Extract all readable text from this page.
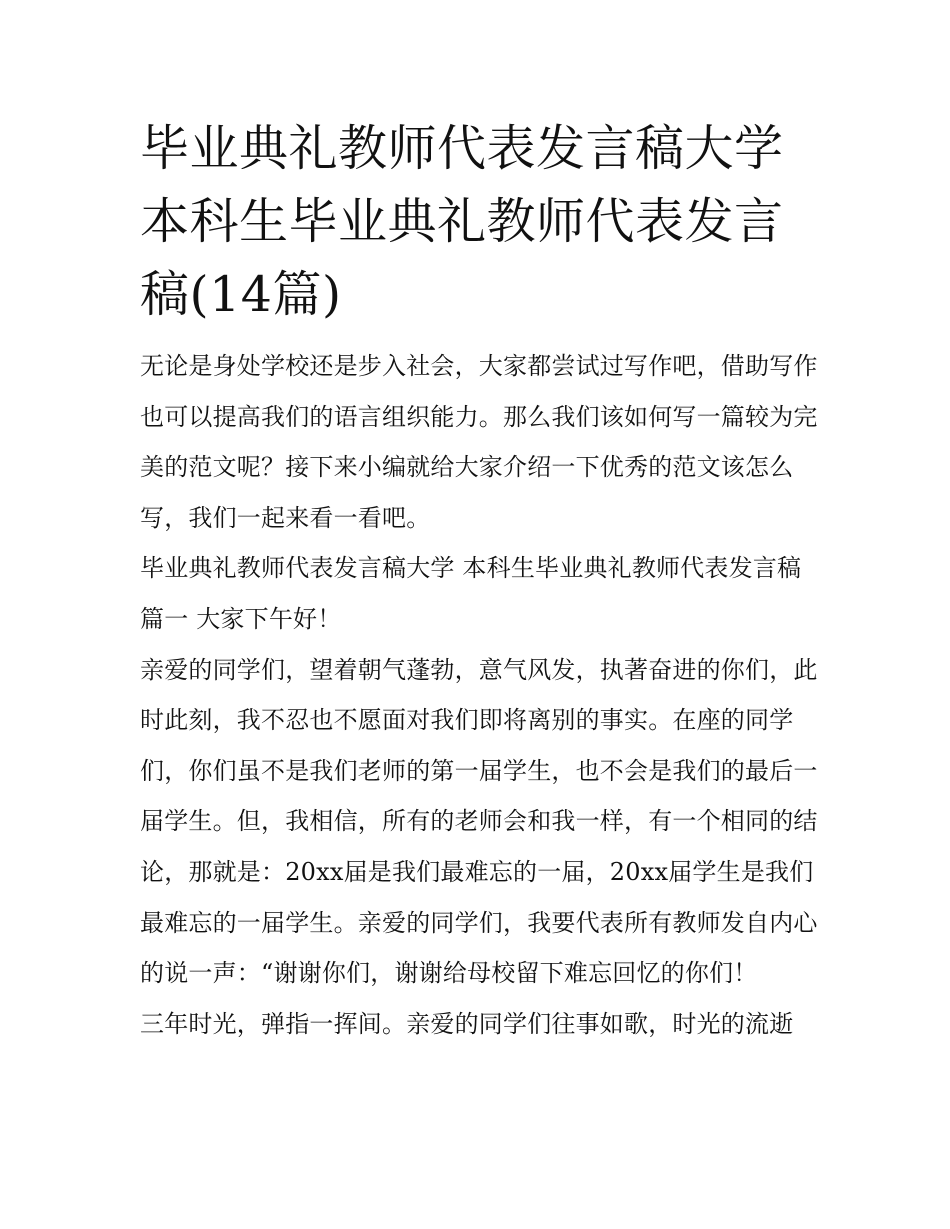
毕业典礼教师代表发言稿大学本科生毕业典礼教师代表发言稿(14篇)

无论是身处学校还是步入社会，大家都尝试过写作吧，借助写作也可以提高我们的语言组织能力。那么我们该如何写一篇较为完美的范文呢？接下来小编就给大家介绍一下优秀的范文该怎么写，我们一起来看一看吧。

毕业典礼教师代表发言稿大学 本科生毕业典礼教师代表发言稿篇一 大家下午好！

亲爱的同学们，望着朝气蓬勃，意气风发，执著奋进的你们，此时此刻，我不忍也不愿面对我们即将离别的事实。在座的同学们，你们虽不是我们老师的第一届学生，也不会是我们的最后一届学生。但，我相信，所有的老师会和我一样，有一个相同的结论，那就是：20xx届是我们最难忘的一届，20xx届学生是我们最难忘的一届学生。亲爱的同学们，我要代表所有教师发自内心的说一声：“谢谢你们，谢谢给母校留下难忘回忆的你们！

三年时光，弹指一挥间。亲爱的同学们往事如歌，时光的流逝
